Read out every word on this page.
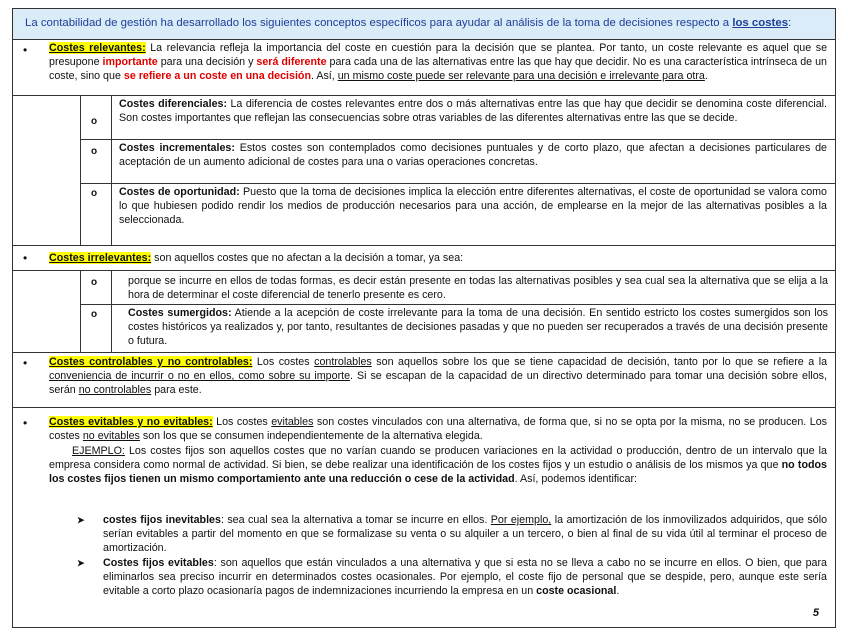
La contabilidad de gestión ha desarrollado los siguientes conceptos específicos para ayudar al análisis de la toma de decisiones respecto a los costes:
• Costes relevantes: La relevancia refleja la importancia del coste en cuestión para la decisión que se plantea. Por tanto, un coste relevante es aquel que se presupone importante para una decisión y será diferente para cada una de las alternativas entre las que hay que decidir. No es una característica intrínseca de un coste, sino que se refiere a un coste en una decisión. Así, un mismo coste puede ser relevante para una decisión e irrelevante para otra.
o
Costes diferenciales: La diferencia de costes relevantes entre dos o más alternativas entre las que hay que decidir se denomina coste diferencial. Son costes importantes que reflejan las consecuencias sobre otras variables de las diferentes alternativas entre las que se decide.
o Costes incrementales: Estos costes son contemplados como decisiones puntuales y de corto plazo, que afectan a decisiones particulares de aceptación de un aumento adicional de costes para una o varias operaciones concretas.
o Costes de oportunidad: Puesto que la toma de decisiones implica la elección entre diferentes alternativas, el coste de oportunidad se valora como lo que hubiesen podido rendir los medios de producción necesarios para una acción, de emplearse en la mejor de las alternativas posibles a la seleccionada.
• Costes irrelevantes: son aquellos costes que no afectan a la decisión a tomar, ya sea:
o	porque se incurre en ellos de todas formas, es decir están presente en todas las alternativas posibles y sea cual sea la alternativa que se elija a la hora de determinar el coste diferencial de tenerlo presente es cero.
o	Costes sumergidos: Atiende a la acepción de coste irrelevante para la toma de una decisión. En sentido estricto los costes sumergidos son los costes históricos ya realizados y, por tanto, resultantes de decisiones pasadas y que no pueden ser recuperados a través de una decisión presente o futura.
• Costes controlables y no controlables: Los costes controlables son aquellos sobre los que se tiene capacidad de decisión, tanto por lo que se refiere a la conveniencia de incurrir o no en ellos, como sobre su importe. Si se escapan de la capacidad de un directivo determinado para tomar una decisión sobre ellos, serán no controlables para este.
• Costes evitables y no evitables: Los costes evitables son costes vinculados con una alternativa, de forma que, si no se opta por la misma, no se producen. Los costes no evitables son los que se consumen independientemente de la alternativa elegida.
EJEMPLO: Los costes fijos son aquellos costes que no varían cuando se producen variaciones en la actividad o producción, dentro de un intervalo que la empresa considera como normal de actividad. Si bien, se debe realizar una identificación de los costes fijos y un estudio o análisis de los mismos ya que no todos los costes fijos tienen un mismo comportamiento ante una reducción o cese de la actividad. Así, podemos identificar:
➤ costes fijos inevitables: sea cual sea la alternativa a tomar se incurre en ellos. Por ejemplo, la amortización de los inmovilizados adquiridos, que sólo serían evitables a partir del momento en que se formalizase su venta o su alquiler a un tercero, o bien al final de su vida útil al terminar el proceso de amortización.
➤ Costes fijos evitables: son aquellos que están vinculados a una alternativa y que si esta no se lleva a cabo no se incurre en ellos. O bien, que para eliminarlos sea preciso incurrir en determinados costes ocasionales. Por ejemplo, el coste fijo de personal que se despide, pero, aunque este sería evitable a corto plazo ocasionaría pagos de indemnizaciones incurriendo la empresa en un coste ocasional.
5
